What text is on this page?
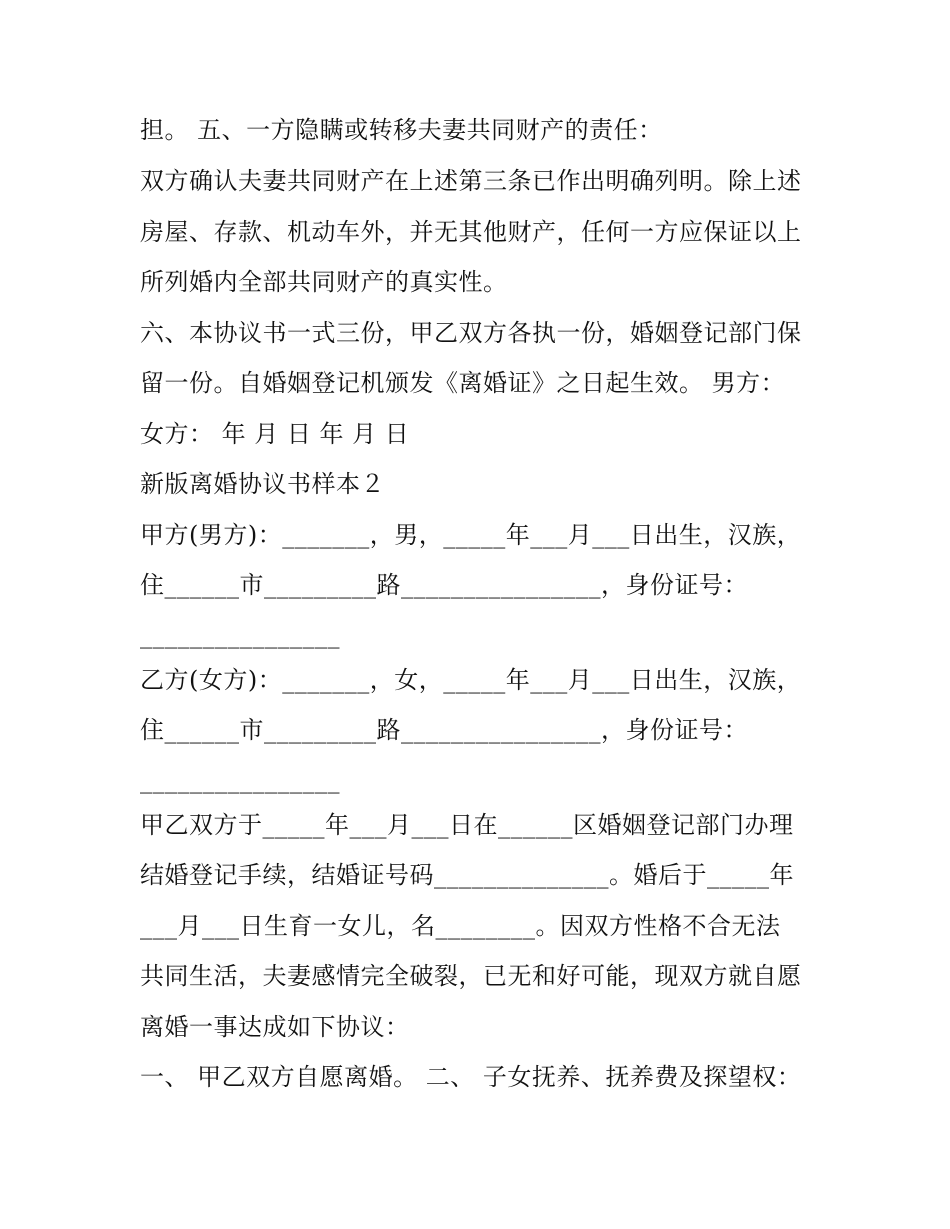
担。 五、一方隐瞒或转移夫妻共同财产的责任：
双方确认夫妻共同财产在上述第三条已作出明确列明。除上述
房屋、存款、机动车外，并无其他财产，任何一方应保证以上
所列婚内全部共同财产的真实性。
六、本协议书一式三份，甲乙双方各执一份，婚姻登记部门保
留一份。自婚姻登记机颁发《离婚证》之日起生效。 男方：
女方： 年 月 日 年 月 日
新版离婚协议书样本２
甲方(男方)：_______，男，_____年___月___日出生，汉族，
住______市_________路________________，身份证号：
________________
乙方(女方)：_______，女，_____年___月___日出生，汉族，
住______市_________路________________，身份证号：
________________
甲乙双方于_____年___月___日在______区婚姻登记部门办理
结婚登记手续，结婚证号码______________。婚后于_____年
___月___日生育一女儿，名________。因双方性格不合无法
共同生活，夫妻感情完全破裂，已无和好可能，现双方就自愿
离婚一事达成如下协议：
一、 甲乙双方自愿离婚。 二、 子女抚养、抚养费及探望权：
